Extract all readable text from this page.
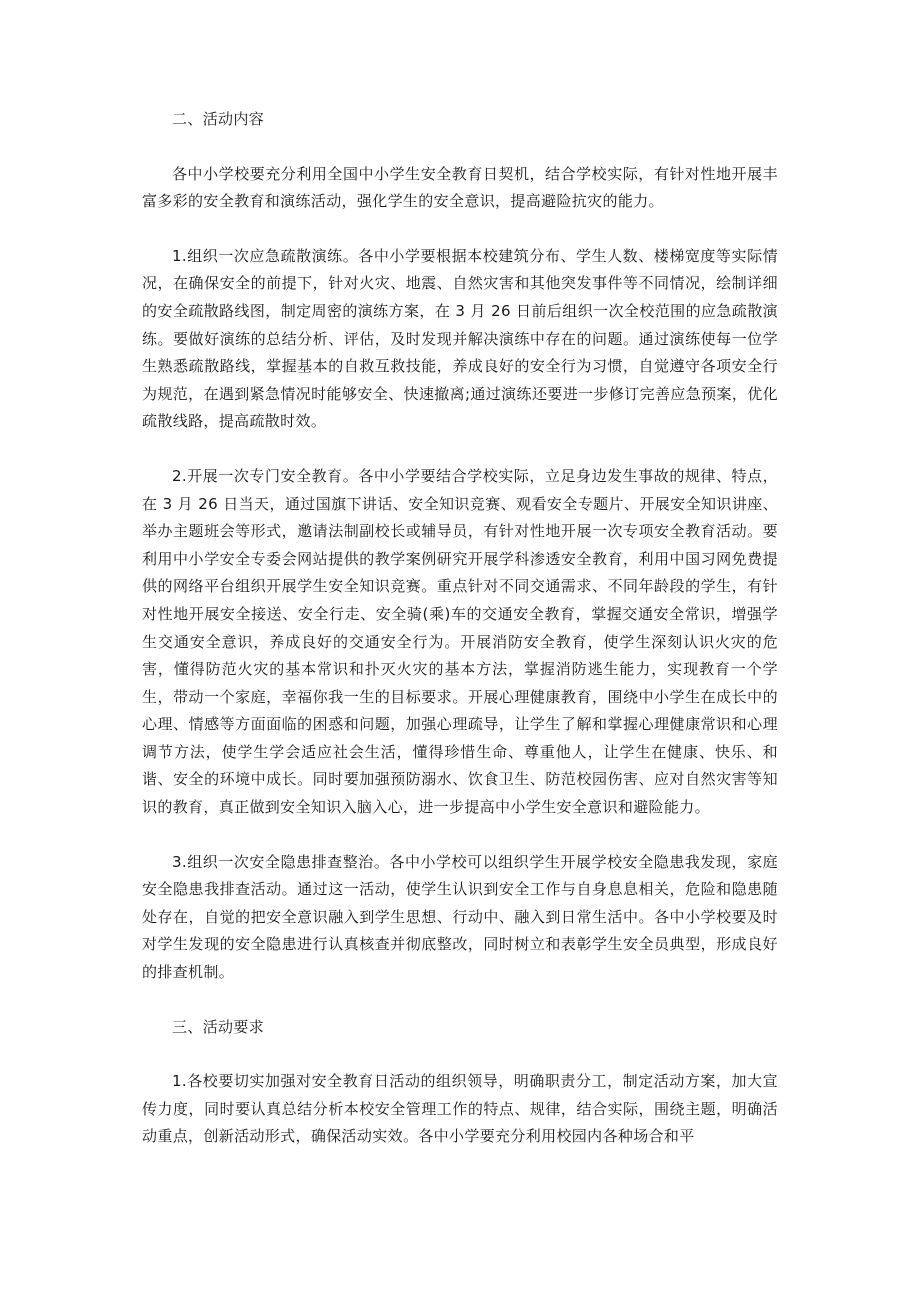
二、活动内容

各中小学校要充分利用全国中小学生安全教育日契机，结合学校实际，有针对性地开展丰富多彩的安全教育和演练活动，强化学生的安全意识，提高避险抗灾的能力。

1.组织一次应急疏散演练。各中小学要根据本校建筑分布、学生人数、楼梯宽度等实际情况，在确保安全的前提下，针对火灾、地震、自然灾害和其他突发事件等不同情况，绘制详细的安全疏散路线图，制定周密的演练方案，在 3 月 26 日前后组织一次全校范围的应急疏散演练。要做好演练的总结分析、评估，及时发现并解决演练中存在的问题。通过演练使每一位学生熟悉疏散路线，掌握基本的自救互救技能，养成良好的安全行为习惯，自觉遵守各项安全行为规范，在遇到紧急情况时能够安全、快速撤离;通过演练还要进一步修订完善应急预案，优化疏散线路，提高疏散时效。

2.开展一次专门安全教育。各中小学要结合学校实际，立足身边发生事故的规律、特点，在 3 月 26 日当天，通过国旗下讲话、安全知识竞赛、观看安全专题片、开展安全知识讲座、举办主题班会等形式，邀请法制副校长或辅导员，有针对性地开展一次专项安全教育活动。要利用中小学安全专委会网站提供的教学案例研究开展学科渗透安全教育，利用中国习网免费提供的网络平台组织开展学生安全知识竞赛。重点针对不同交通需求、不同年龄段的学生，有针对性地开展安全接送、安全行走、安全骑(乘)车的交通安全教育，掌握交通安全常识，增强学生交通安全意识，养成良好的交通安全行为。开展消防安全教育，使学生深刻认识火灾的危害，懂得防范火灾的基本常识和扑灭火灾的基本方法，掌握消防逃生能力，实现教育一个学生，带动一个家庭，幸福你我一生的目标要求。开展心理健康教育，围绕中小学生在成长中的心理、情感等方面面临的困惑和问题，加强心理疏导，让学生了解和掌握心理健康常识和心理调节方法，使学生学会适应社会生活，懂得珍惜生命、尊重他人，让学生在健康、快乐、和谐、安全的环境中成长。同时要加强预防溺水、饮食卫生、防范校园伤害、应对自然灾害等知识的教育，真正做到安全知识入脑入心，进一步提高中小学生安全意识和避险能力。

3.组织一次安全隐患排查整治。各中小学校可以组织学生开展学校安全隐患我发现，家庭安全隐患我排查活动。通过这一活动，使学生认识到安全工作与自身息息相关，危险和隐患随处存在，自觉的把安全意识融入到学生思想、行动中、融入到日常生活中。各中小学校要及时对学生发现的安全隐患进行认真核查并彻底整改，同时树立和表彰学生安全员典型，形成良好的排查机制。

三、活动要求

1.各校要切实加强对安全教育日活动的组织领导，明确职责分工，制定活动方案，加大宣传力度，同时要认真总结分析本校安全管理工作的特点、规律，结合实际，围绕主题，明确活动重点，创新活动形式，确保活动实效。各中小学要充分利用校园内各种场合和平
